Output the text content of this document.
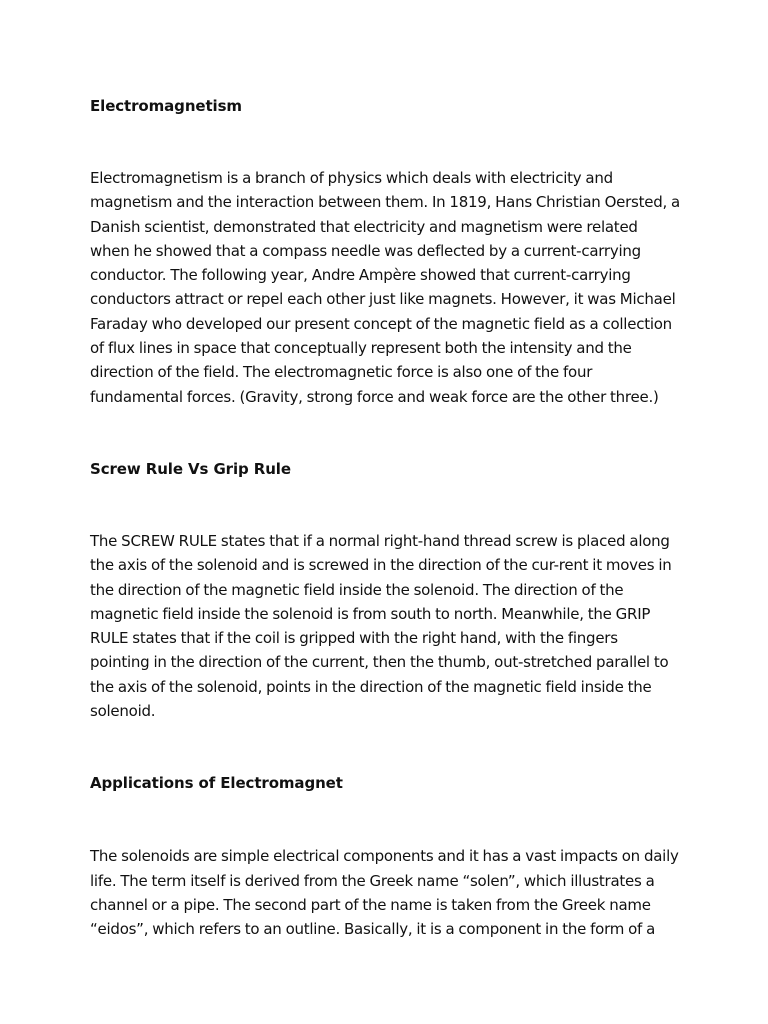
Electromagnetism

Electromagnetism is a branch of physics which deals with electricity and magnetism and the interaction between them. In 1819, Hans Christian Oersted, a Danish scientist, demonstrated that electricity and magnetism were related when he showed that a compass needle was deflected by a current-carrying conductor. The following year, Andre Ampère showed that current-carrying conductors attract or repel each other just like magnets. However, it was Michael Faraday who developed our present concept of the magnetic field as a collection of flux lines in space that conceptually represent both the intensity and the direction of the field. The electromagnetic force is also one of the four fundamental forces. (Gravity, strong force and weak force are the other three.)

Screw Rule Vs Grip Rule

The SCREW RULE states that if a normal right-hand thread screw is placed along the axis of the solenoid and is screwed in the direction of the cur-rent it moves in the direction of the magnetic field inside the solenoid. The direction of the magnetic field inside the solenoid is from south to north. Meanwhile, the GRIP RULE states that if the coil is gripped with the right hand, with the fingers pointing in the direction of the current, then the thumb, out-stretched parallel to the axis of the solenoid, points in the direction of the magnetic field inside the solenoid.

Applications of Electromagnet

The solenoids are simple electrical components and it has a vast impacts on daily life. The term itself is derived from the Greek name “solen”, which illustrates a channel or a pipe. The second part of the name is taken from the Greek name “eidos”, which refers to an outline. Basically, it is a component in the form of a
